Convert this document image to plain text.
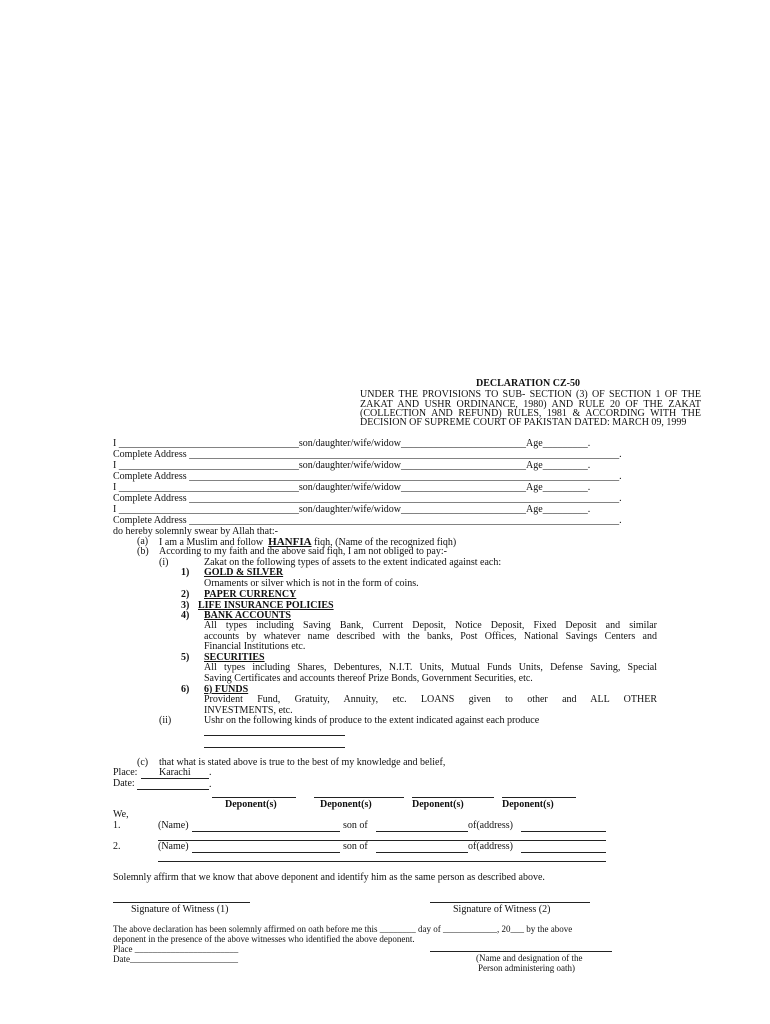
DECLARATION CZ-50
UNDER THE PROVISIONS TO SUB- SECTION (3) OF SECTION 1 OF THE
ZAKAT AND USHR ORDINANCE, 1980) AND RULE 20 OF THE ZAKAT
(COLLECTION AND REFUND) RULES, 1981 & ACCORDING WITH THE
DECISION OF SUPREME COURT OF PAKISTAN DATED: MARCH 09, 1999
I ____________________________________son/daughter/wife/widow_________________________Age_________.
Complete Address ______________________________________________________________________________________.
I ____________________________________son/daughter/wife/widow_________________________Age_________.
Complete Address ______________________________________________________________________________________.
I ____________________________________son/daughter/wife/widow_________________________Age_________.
Complete Address ______________________________________________________________________________________.
I ____________________________________son/daughter/wife/widow_________________________Age_________.
Complete Address ______________________________________________________________________________________.
do hereby solemnly swear by Allah that:-
(a) I am a Muslim and follow HANFIA fiqh, (Name of the recognized fiqh)
(b) According to my faith and the above said fiqh, I am not obliged to pay:-
(i)	Zakat on the following types of assets to the extent indicated against each:
1) GOLD & SILVER
Ornaments or silver which is not in the form of coins.
2) PAPER CURRENCY
3) LIFE INSURANCE POLICIES
4) BANK ACCOUNTS
All types including Saving Bank, Current Deposit, Notice Deposit, Fixed Deposit and similar
accounts by whatever name described with the banks, Post Offices, National Savings Centers and
Financial Institutions etc.
5) SECURITIES
All types including Shares, Debentures, N.I.T. Units, Mutual Funds Units, Defense Saving, Special
Saving Certificates and accounts thereof Prize Bonds, Government Securities, etc.
6) 6) FUNDS
Provident Fund, Gratuity, Annuity, etc. LOANS given to other and ALL OTHER
INVESTMENTS, etc.
(ii)	Ushr on the following kinds of produce to the extent indicated against each produce
(c) that what is stated above is true to the best of my knowledge and belief,
Place:	Karachi .
Date:	.
Deponent(s)	Deponent(s)	Deponent(s)	Deponent(s)
We,
1.	(Name)	son of	of(address)
2.	(Name)	son of	of(address)
Solemnly affirm that we know that above deponent and identify him as the same person as described above.
Signature of Witness (1)	Signature of Witness (2)
The above declaration has been solemnly affirmed on oath before me this ________ day of ____________, 20___ by the above
deponent in the presence of the above witnesses who identified the above deponent.
Place _______________________
Date________________________	(Name and designation of the
Person administering oath)
